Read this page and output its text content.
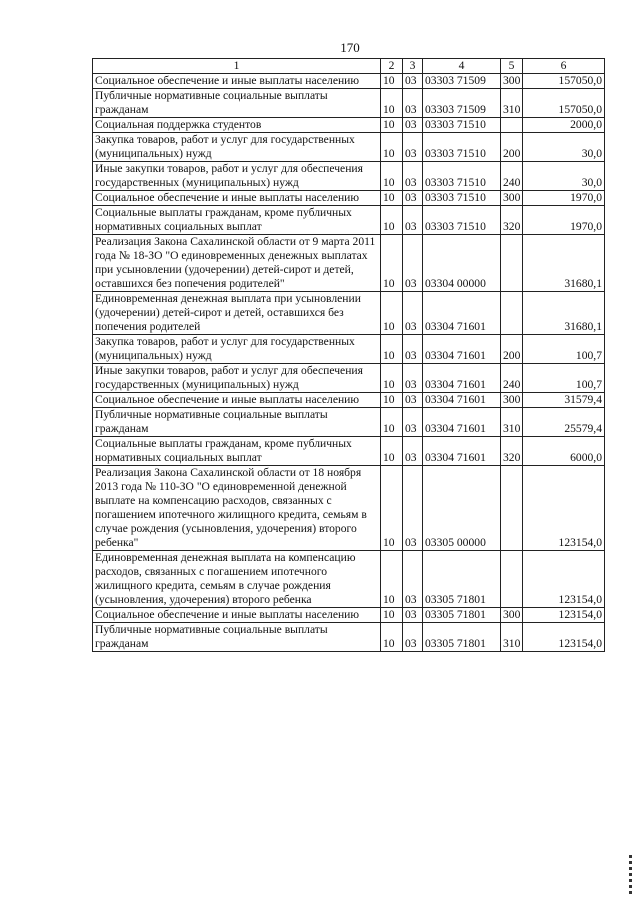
170
1	2	3	4	5	6
Социальное обеспечение и иные выплаты населению	10	03	03303 71509	300	157050,0
Публичные нормативные социальные выплаты гражданам	10	03	03303 71509	310	157050,0
Социальная поддержка студентов	10	03	03303 71510		2000,0
Закупка товаров, работ и услуг для государственных (муниципальных) нужд	10	03	03303 71510	200	30,0
Иные закупки товаров, работ и услуг для обеспечения государственных (муниципальных) нужд	10	03	03303 71510	240	30,0
Социальное обеспечение и иные выплаты населению	10	03	03303 71510	300	1970,0
Социальные выплаты гражданам, кроме публичных нормативных социальных выплат	10	03	03303 71510	320	1970,0
Реализация Закона Сахалинской области от 9 марта 2011 года № 18-ЗО "О единовременных денежных выплатах при усыновлении (удочерении) детей-сирот и детей, оставшихся без попечения родителей"	10	03	03304 00000		31680,1
Единовременная денежная выплата при усыновлении (удочерении) детей-сирот и детей, оставшихся без попечения родителей	10	03	03304 71601		31680,1
Закупка товаров, работ и услуг для государственных (муниципальных) нужд	10	03	03304 71601	200	100,7
Иные закупки товаров, работ и услуг для обеспечения государственных (муниципальных) нужд	10	03	03304 71601	240	100,7
Социальное обеспечение и иные выплаты населению	10	03	03304 71601	300	31579,4
Публичные нормативные социальные выплаты гражданам	10	03	03304 71601	310	25579,4
Социальные выплаты гражданам, кроме публичных нормативных социальных выплат	10	03	03304 71601	320	6000,0
Реализация Закона Сахалинской области от 18 ноября 2013 года № 110-ЗО "О единовременной денежной выплате на компенсацию расходов, связанных с погашением ипотечного жилищного кредита, семьям в случае рождения (усыновления, удочерения) второго ребенка"	10	03	03305 00000		123154,0
Единовременная денежная выплата на компенсацию расходов, связанных с погашением ипотечного жилищного кредита, семьям в случае рождения (усыновления, удочерения) второго ребенка	10	03	03305 71801		123154,0
Социальное обеспечение и иные выплаты населению	10	03	03305 71801	300	123154,0
Публичные нормативные социальные выплаты гражданам	10	03	03305 71801	310	123154,0
